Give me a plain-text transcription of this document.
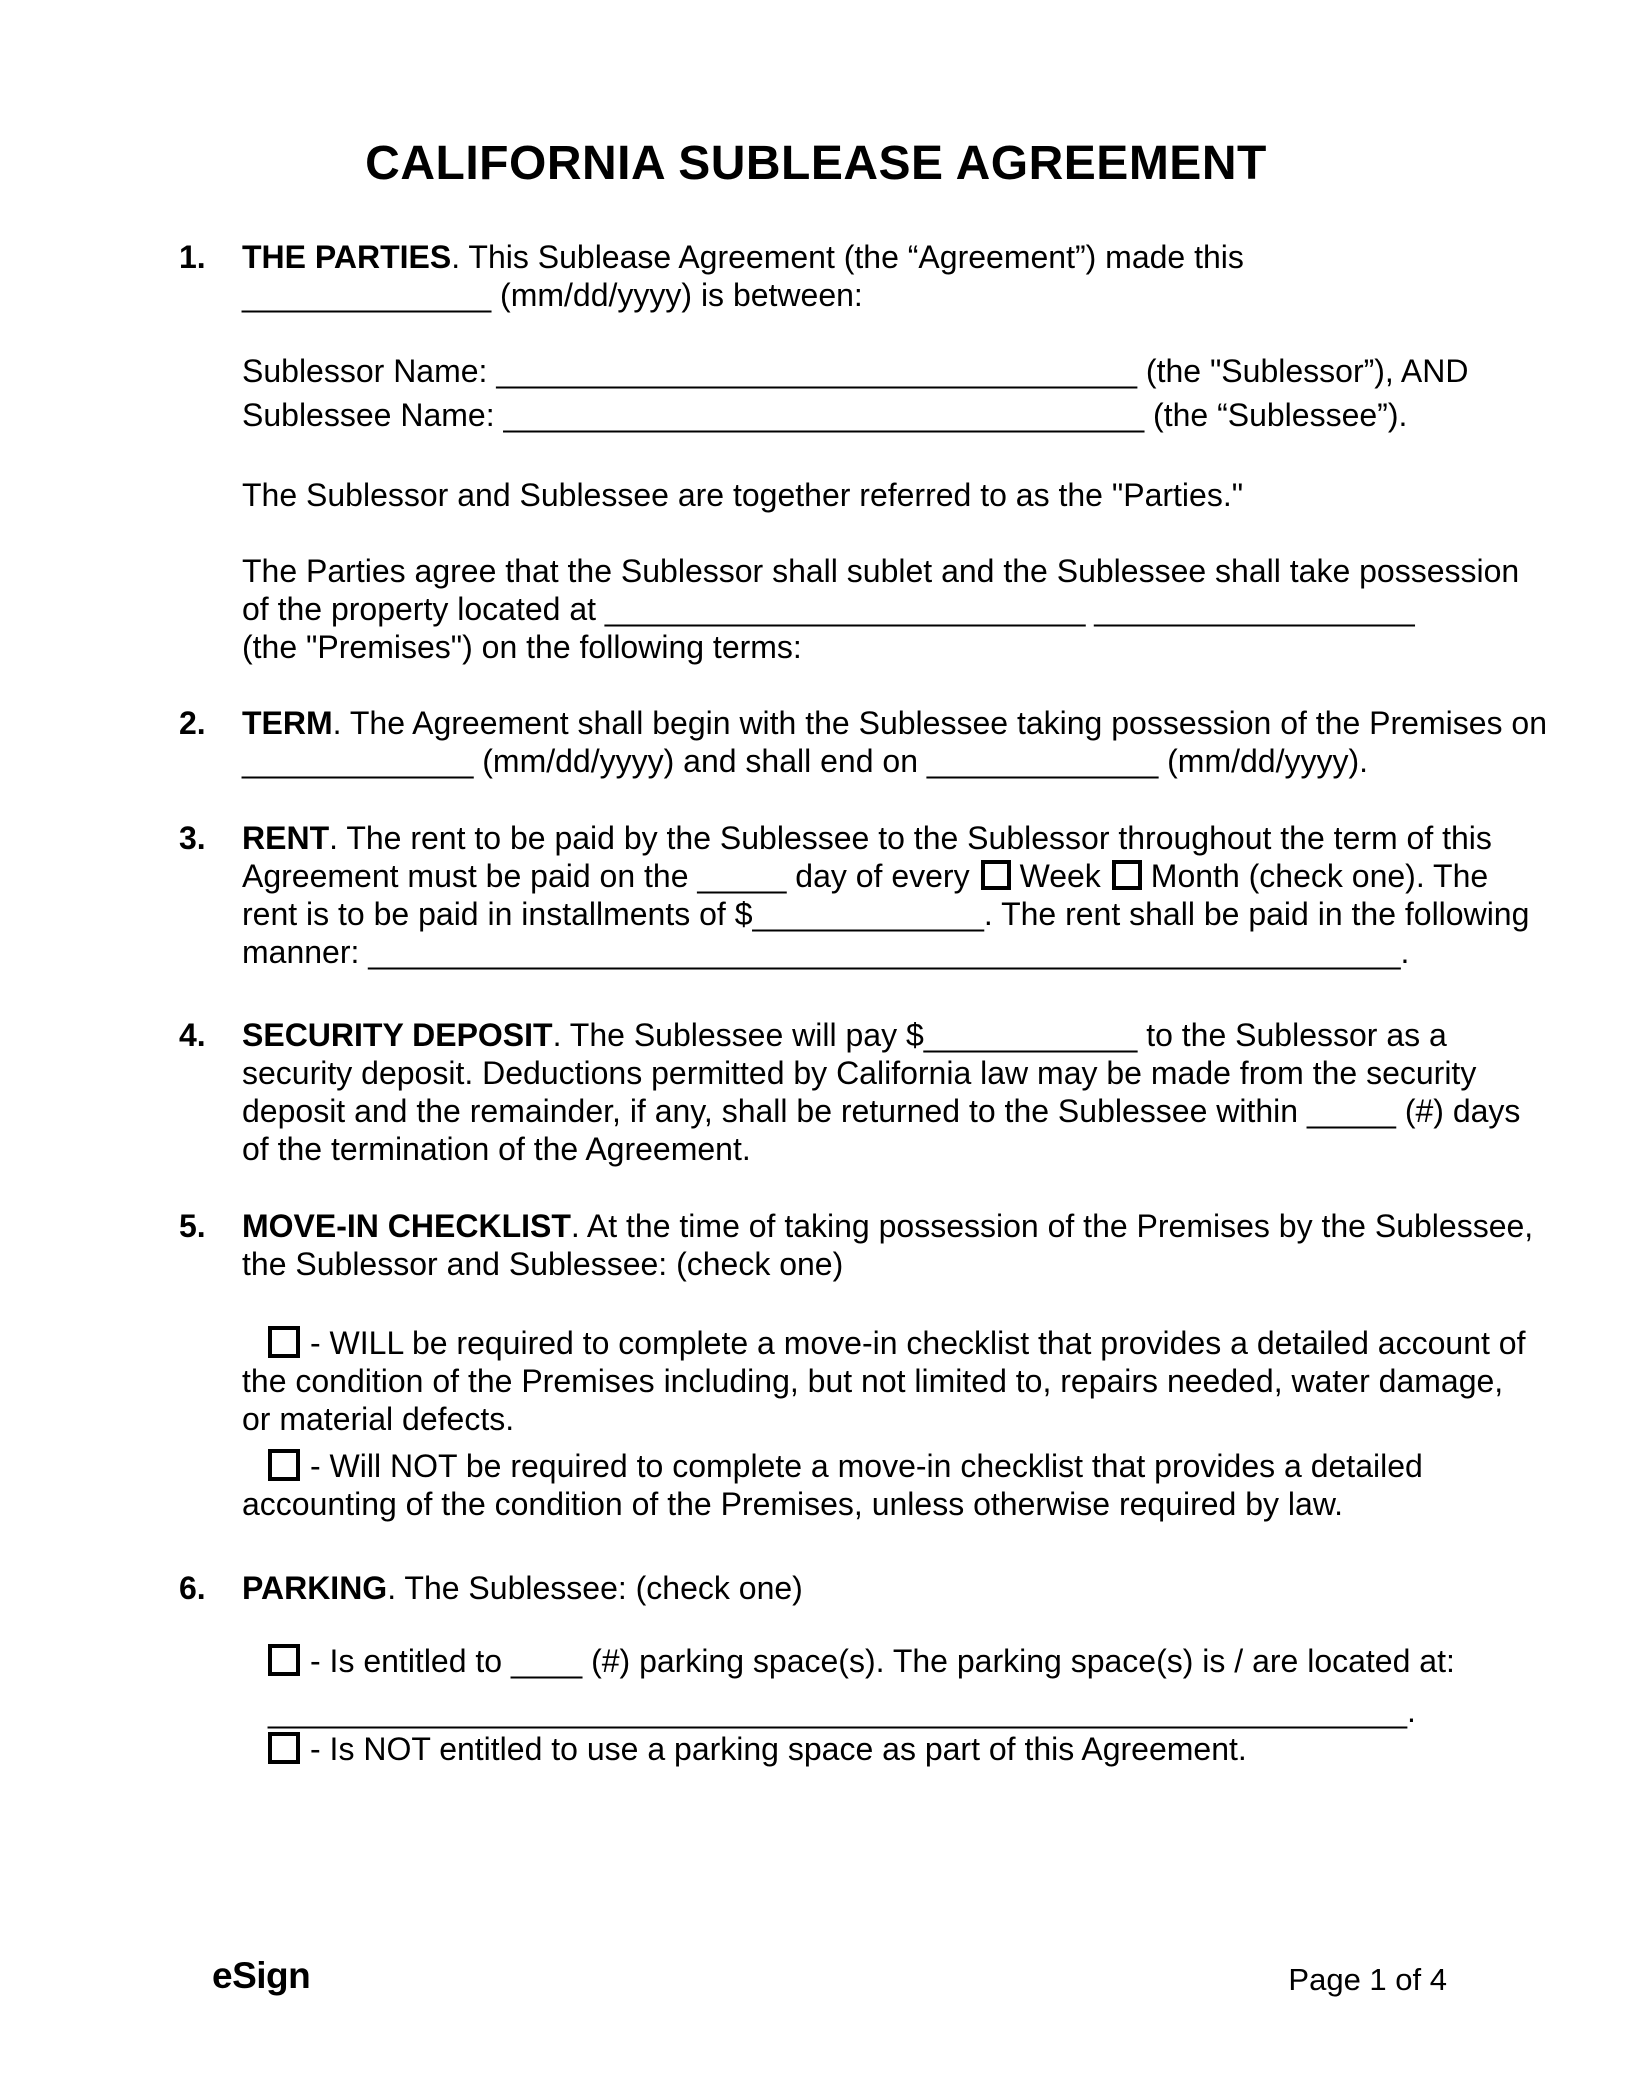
CALIFORNIA SUBLEASE AGREEMENT
1.	THE PARTIES. This Sublease Agreement (the “Agreement”) made this
______________ (mm/dd/yyyy) is between:
Sublessor Name: ____________________________________ (the "Sublessor”), AND
Sublessee Name: ____________________________________ (the “Sublessee”).
The Sublessor and Sublessee are together referred to as the "Parties."
The Parties agree that the Sublessor shall sublet and the Sublessee shall take possession
of the property located at ___________________________ __________________
(the "Premises") on the following terms:
2.	TERM. The Agreement shall begin with the Sublessee taking possession of the Premises on
_____________ (mm/dd/yyyy) and shall end on _____________ (mm/dd/yyyy).
3.	RENT. The rent to be paid by the Sublessee to the Sublessor throughout the term of this
Agreement must be paid on the _____ day of every Week Month (check one). The
rent is to be paid in installments of $_____________. The rent shall be paid in the following
manner: __________________________________________________________.
4.	SECURITY DEPOSIT. The Sublessee will pay $____________ to the Sublessor as a
security deposit. Deductions permitted by California law may be made from the security
deposit and the remainder, if any, shall be returned to the Sublessee within _____ (#) days
of the termination of the Agreement.
5.	MOVE-IN CHECKLIST. At the time of taking possession of the Premises by the Sublessee,
the Sublessor and Sublessee: (check one)
- WILL be required to complete a move-in checklist that provides a detailed account of
the condition of the Premises including, but not limited to, repairs needed, water damage,
or material defects.
- Will NOT be required to complete a move-in checklist that provides a detailed
accounting of the condition of the Premises, unless otherwise required by law.
6.	PARKING. The Sublessee: (check one)
- Is entitled to ____ (#) parking space(s). The parking space(s) is / are located at:
________________________________________________________________.
- Is NOT entitled to use a parking space as part of this Agreement.
eSign	Page 1 of 4
